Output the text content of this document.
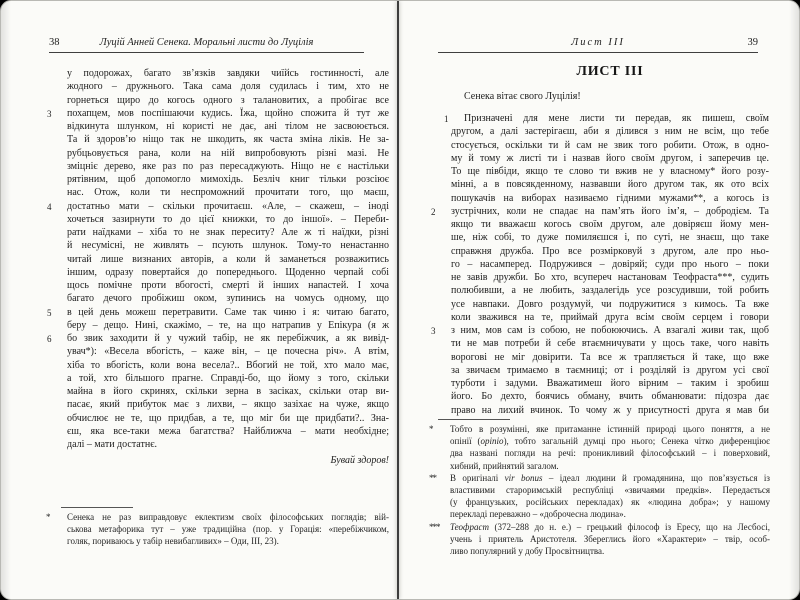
Луцій Анней Сенека. Моральні листи до Луцілія
38
у подорожах, багато зв’язків завдяки чиїйсь гостинності, але
жодного – дружнього. Така сама доля судилась і тим, хто не
горнеться щиро до когось одного з талановитих, а пробігає все
похапцем, мов поспішаючи кудись. Їжа, щойно спожита й тут же
3
відкинута шлунком, ні користі не дає, ані тілом не засвоюється.
Та й здоров’ю ніщо так не шкодить, як часта зміна ліків. Не за-
рубцьовується рана, коли на ній випробовують різні мазі. Не
зміцніє дерево, яке раз по раз пересаджують. Ніщо не є настільки
рятівним, щоб допомогло мимохідь. Безліч книг тільки розсіює
нас. Отож, коли ти неспроможний прочитати того, що маєш,
достатньо мати – скільки прочитаєш. «Але, – скажеш, – іноді
4
хочеться зазирнути то до цієї книжки, то до іншої». – Переби-
рати наїдками – хіба то не знак переситу? Але ж ті наїдки, різні
й несумісні, не живлять – псують шлунок. Тому-то ненастанно
читай лише визнаних авторів, а коли й заманеться розважитись
іншим, одразу повертайся до попереднього. Щоденно черпай собі
щось помічне проти вбогості, смерті й інших напастей. І хоча
багато дечого пробіжиш оком, зупинись на чомусь одному, що
в цей день можеш перетравити. Саме так чиню і я: читаю багато,
5
беру – дещо. Нині, скажімо, – те, на що натрапив у Епікура (я ж
бо звик заходити й у чужий табір, не як перебіжчик, а як вивід-
6
увач*): «Весела вбогість, – каже він, – це почесна річ». А втім,
хіба то вбогість, коли вона весела?.. Вбогий не той, хто мало має,
а той, хто більшого прагне. Справді-бо, що йому з того, скільки
майна в його скринях, скільки зерна в засіках, скільки отар ви-
пасає, який прибуток має з лихви, – якщо зазіхає на чуже, якщо
обчислює не те, що придбав, а те, що міг би ще придбати?.. Зна-
єш, яка все-таки межа багатства? Найближча – мати необхідне;
далі – мати достатнє.
Бувай здоров!
*	Сенека не раз виправдовує еклектизм своїх філософських поглядів; вій-
ськова метафорика тут – уже традиційна (пор. у Горація: «перебіжчиком,
голяк, пориваюсь у табір невибагливих» – Оди, III, 23).
Лист III	39
ЛИСТ III
Сенека вітає свого Луцілія!
Призначені для мене листи ти передав, як пишеш, своїм
1
другом, а далі застерігаєш, аби я ділився з ним не всім, що тебе
стосується, оскільки ти й сам не звик того робити. Отож, в одно-
му й тому ж листі ти і назвав його своїм другом, і заперечив це.
То ще півбіди, якщо те слово ти вжив не у власному* його розу-
мінні, а в повсякденному, назвавши його другом так, як ото всіх
пошукачів на виборах називаємо гідними мужами**, а когось із
зустрічних, коли не спадає на пам’ять його ім’я, – добродієм. Та
2
якщо ти вважаєш когось своїм другом, але довіряєш йому мен-
ше, ніж собі, то дуже помиляєшся і, по суті, не знаєш, що таке
справжня дружба. Про все розмірковуй з другом, але про ньо-
го – насамперед. Подружився – довіряй; суди про нього – поки
не завів дружби. Бо хто, всупереч настановам Теофраста***, судить
полюбивши, а не любить, заздалегідь усе розсудивши, той робить
усе навпаки. Довго роздумуй, чи подружитися з кимось. Та вже
коли зважився на те, приймай друга всім своїм серцем і говори
з ним, мов сам із собою, не побоюючись. А взагалі живи так, щоб
3
ти не мав потреби й себе втаємничувати у щось таке, чого навіть
ворогові не міг довірити. Та все ж трапляється й таке, що вже
за звичаєм тримаємо в таємниці; от і розділяй із другом усі свої
турботи і задуми. Вважатимеш його вірним – таким і зробиш
його. Бо дехто, боячись обману, вчить обманювати: підозра дає
право на лихий вчинок. То чому ж у присутності друга я мав би
*	Тобто в розумінні, яке притаманне істинній природі цього поняття, а не
опінії (opinio), тобто загальній думці про нього; Сенека чітко диференціює
два названі погляди на речі: проникливий філософський – і поверховий,
хибний, прийнятий загалом.
**	В оригіналі vir bonus – ідеал людини й громадянина, що пов’язується із
властивими староримській республіці «звичаями предків». Передається
(у французьких, російських перекладах) як «людина добра»; у нашому
перекладі переважно – «доброчесна людина».
***	Теофраст (372–288 до н. е.) – грецький філософ із Ересу, що на Лесбосі,
учень і приятель Аристотеля. Збереглись його «Характери» – твір, особ-
ливо популярний у добу Просвітництва.
